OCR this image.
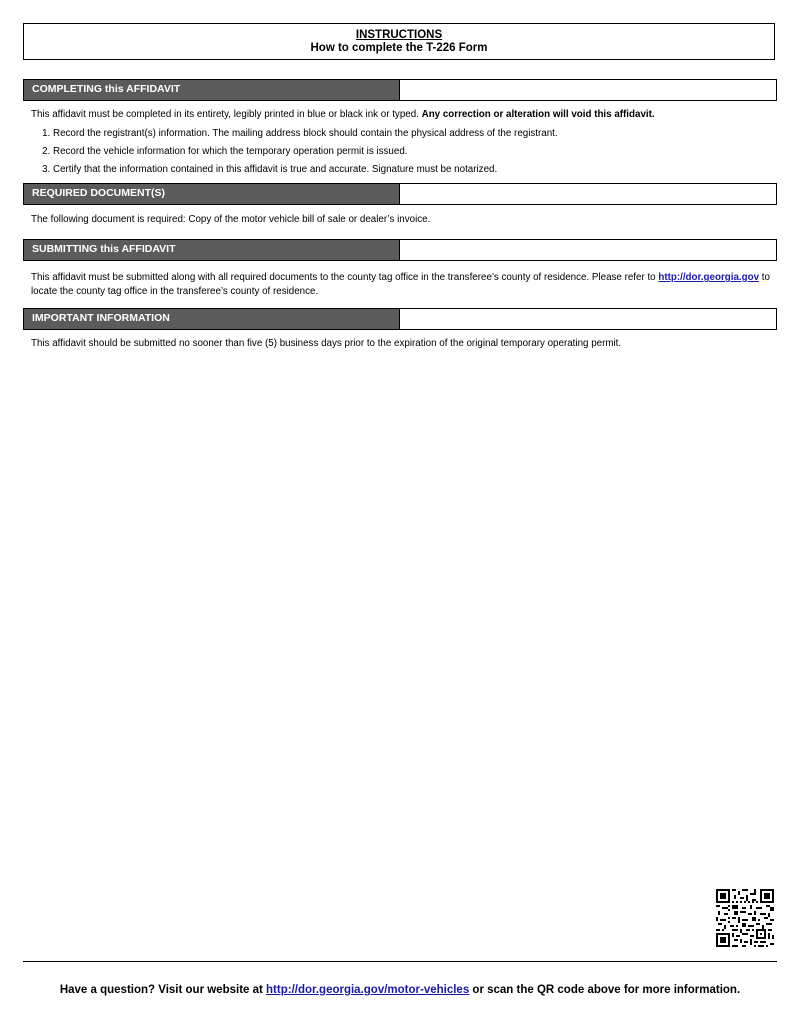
INSTRUCTIONS
How to complete the T-226 Form
COMPLETING this AFFIDAVIT
This affidavit must be completed in its entirety, legibly printed in blue or black ink or typed. Any correction or alteration will void this affidavit.
1. Record the registrant(s) information. The mailing address block should contain the physical address of the registrant.
2. Record the vehicle information for which the temporary operation permit is issued.
3. Certify that the information contained in this affidavit is true and accurate. Signature must be notarized.
REQUIRED DOCUMENT(S)
The following document is required: Copy of the motor vehicle bill of sale or dealer’s invoice.
SUBMITTING this AFFIDAVIT
This affidavit must be submitted along with all required documents to the county tag office in the transferee’s county of residence. Please refer to http://dor.georgia.gov to locate the county tag office in the transferee’s county of residence.
IMPORTANT INFORMATION
This affidavit should be submitted no sooner than five (5) business days prior to the expiration of the original temporary operating permit.
Have a question? Visit our website at http://dor.georgia.gov/motor-vehicles or scan the QR code above for more information.
